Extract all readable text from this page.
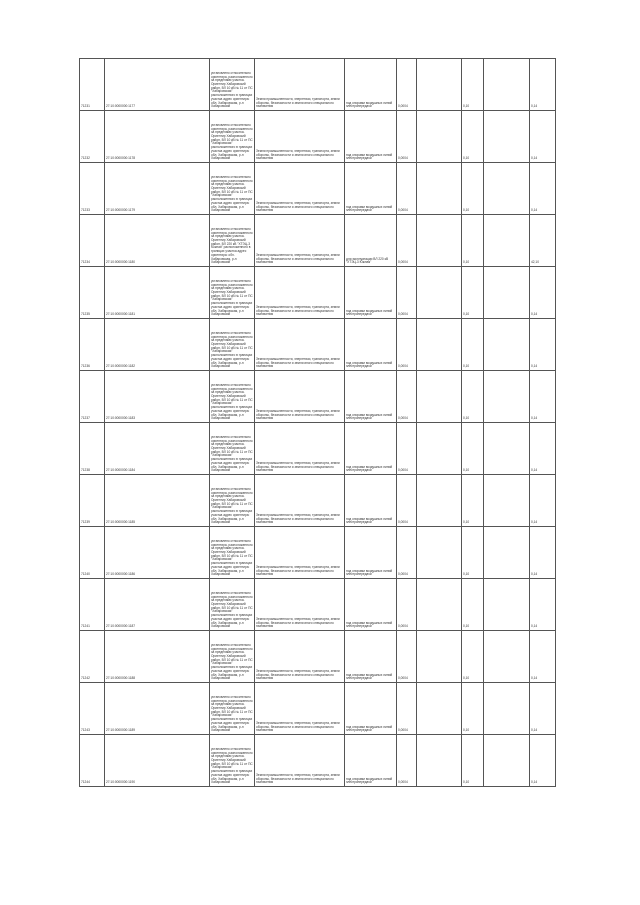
71231	27:10:0000000:1177	установлено относительно ориентира, расположенного за пределами участка. Ориентир Хабаровский район, ВЛ 10 кВ № 11 от ПС "Хабаровская" расположенного в границах участка адрес ориентира: обл. Хабаровская, р-н Хабаровский	Земли промышленности, энергетики, транспорта, земли обороны, безопасности и земли иного специального назначения	под опорами воздушных линий электропередачи	0,0004		0,10		0,14
71232	27:10:0000000:1178	установлено относительно ориентира, расположенного за пределами участка. Ориентир Хабаровский район, ВЛ 10 кВ № 11 от ПС "Хабаровская" расположенного в границах участка адрес ориентира: обл. Хабаровская, р-н Хабаровский	Земли промышленности, энергетики, транспорта, земли обороны, безопасности и земли иного специального назначения	под опорами воздушных линий электропередачи	0,0004		0,10		0,14
71233	27:10:0000000:1179	установлено относительно ориентира, расположенного за пределами участка. Ориентир Хабаровский район, ВЛ 10 кВ № 11 от ПС "Хабаровская" расположенного в границах участка адрес ориентира: обл. Хабаровская, р-н Хабаровский	Земли промышленности, энергетики, транспорта, земли обороны, безопасности и земли иного специального назначения	под опорами воздушных линий электропередачи	0,0004		0,10		0,14
71234	27:10:0000000:1180	установлено относительно ориентира, расположенного за пределами участка. Ориентир Хабаровский район, ВЛ 220 кВ "ХТЭЦ-3 Южная" расположенного в границах участка адрес ориентира: обл. Хабаровская, р-н Хабаровский	Земли промышленности, энергетики, транспорта, земли обороны, безопасности и земли иного специального назначения	для эксплуатации ВЛ 220 кВ "ХТЭЦ-3 Южная"	0,0004		0,10		42,10
71235	27:10:0000000:1181	установлено относительно ориентира, расположенного за пределами участка. Ориентир Хабаровский район, ВЛ 10 кВ № 11 от ПС "Хабаровская" расположенного в границах участка адрес ориентира: обл. Хабаровская, р-н Хабаровский	Земли промышленности, энергетики, транспорта, земли обороны, безопасности и земли иного специального назначения	под опорами воздушных линий электропередачи	0,0004		0,10		0,14
71236	27:10:0000000:1182	установлено относительно ориентира, расположенного за пределами участка. Ориентир Хабаровский район, ВЛ 10 кВ № 11 от ПС "Хабаровская" расположенного в границах участка адрес ориентира: обл. Хабаровская, р-н Хабаровский	Земли промышленности, энергетики, транспорта, земли обороны, безопасности и земли иного специального назначения	под опорами воздушных линий электропередачи	0,0004		0,10		0,14
71237	27:10:0000000:1183	установлено относительно ориентира, расположенного за пределами участка. Ориентир Хабаровский район, ВЛ 10 кВ № 11 от ПС "Хабаровская" расположенного в границах участка адрес ориентира: обл. Хабаровская, р-н Хабаровский	Земли промышленности, энергетики, транспорта, земли обороны, безопасности и земли иного специального назначения	под опорами воздушных линий электропередачи	0,0004		0,10		0,14
71238	27:10:0000000:1184	установлено относительно ориентира, расположенного за пределами участка. Ориентир Хабаровский район, ВЛ 10 кВ № 11 от ПС "Хабаровская" расположенного в границах участка адрес ориентира: обл. Хабаровская, р-н Хабаровский	Земли промышленности, энергетики, транспорта, земли обороны, безопасности и земли иного специального назначения	под опорами воздушных линий электропередачи	0,0004		0,10		0,14
71239	27:10:0000000:1185	установлено относительно ориентира, расположенного за пределами участка. Ориентир Хабаровский район, ВЛ 10 кВ № 11 от ПС "Хабаровская" расположенного в границах участка адрес ориентира: обл. Хабаровская, р-н Хабаровский	Земли промышленности, энергетики, транспорта, земли обороны, безопасности и земли иного специального назначения	под опорами воздушных линий электропередачи	0,0004		0,10		0,14
71240	27:10:0000000:1186	установлено относительно ориентира, расположенного за пределами участка. Ориентир Хабаровский район, ВЛ 10 кВ № 11 от ПС "Хабаровская" расположенного в границах участка адрес ориентира: обл. Хабаровская, р-н Хабаровский	Земли промышленности, энергетики, транспорта, земли обороны, безопасности и земли иного специального назначения	под опорами воздушных линий электропередачи	0,0004		0,10		0,14
71241	27:10:0000000:1187	установлено относительно ориентира, расположенного за пределами участка. Ориентир Хабаровский район, ВЛ 10 кВ № 11 от ПС "Хабаровская" расположенного в границах участка адрес ориентира: обл. Хабаровская, р-н Хабаровский	Земли промышленности, энергетики, транспорта, земли обороны, безопасности и земли иного специального назначения	под опорами воздушных линий электропередачи	0,0004		0,10		0,14
71242	27:10:0000000:1188	установлено относительно ориентира, расположенного за пределами участка. Ориентир Хабаровский район, ВЛ 10 кВ № 11 от ПС "Хабаровская" расположенного в границах участка адрес ориентира: обл. Хабаровская, р-н Хабаровский	Земли промышленности, энергетики, транспорта, земли обороны, безопасности и земли иного специального назначения	под опорами воздушных линий электропередачи	0,0004		0,10		0,14
71243	27:10:0000000:1189	установлено относительно ориентира, расположенного за пределами участка. Ориентир Хабаровский район, ВЛ 10 кВ № 11 от ПС "Хабаровская" расположенного в границах участка адрес ориентира: обл. Хабаровская, р-н Хабаровский	Земли промышленности, энергетики, транспорта, земли обороны, безопасности и земли иного специального назначения	под опорами воздушных линий электропередачи	0,0004		0,10		0,14
71244	27:10:0000000:1190	установлено относительно ориентира, расположенного за пределами участка. Ориентир Хабаровский район, ВЛ 10 кВ № 11 от ПС "Хабаровская" расположенного в границах участка адрес ориентира: обл. Хабаровская, р-н Хабаровский	Земли промышленности, энергетики, транспорта, земли обороны, безопасности и земли иного специального назначения	под опорами воздушных линий электропередачи	0,0004		0,10		0,14
